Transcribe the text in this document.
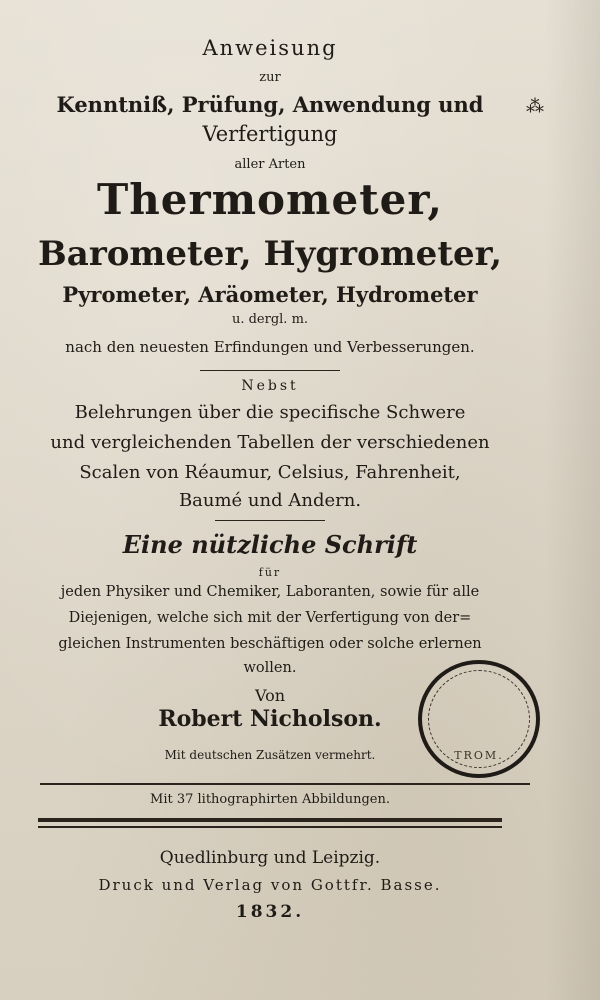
Anweisung
zur
Kenntniß, Prüfung, Anwendung und
Verfertigung
aller Arten
Thermometer,
Barometer, Hygrometer,
Pyrometer, Aräometer, Hydrometer
u. dergl. m.
nach den neuesten Erfindungen und Verbesserungen.
Nebst
Belehrungen über die specifische Schwere
und vergleichenden Tabellen der verschiedenen
Scalen von Réaumur, Celsius, Fahrenheit,
Baumé und Andern.
Eine nützliche Schrift
für
jeden Physiker und Chemiker, Laboranten, sowie für alle
Diejenigen, welche sich mit der Verfertigung von der=
gleichen Instrumenten beschäftigen oder solche erlernen
wollen.
Von
Robert Nicholson.
Mit deutschen Zusätzen vermehrt.
Mit 37 lithographirten Abbildungen.
Quedlinburg und Leipzig.
Druck und Verlag von Gottfr. Basse.
1832.
TROM.
⁂
